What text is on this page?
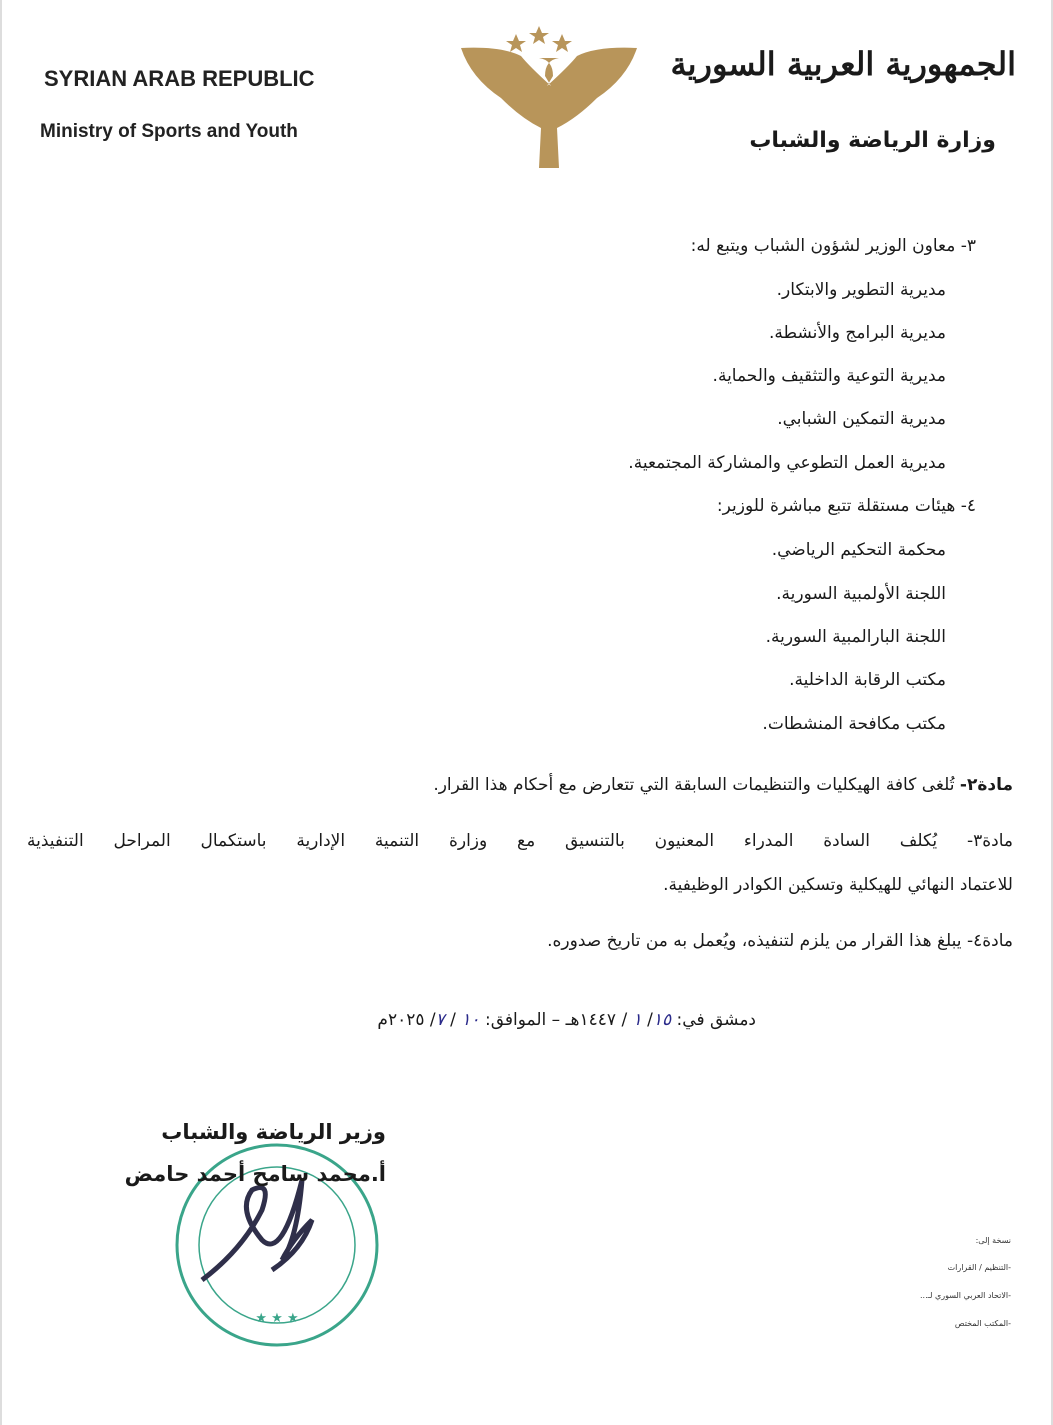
SYRIAN ARAB REPUBLIC
Ministry of Sports and Youth
الجمهورية العربية السورية
وزارة الرياضة والشباب
٣- معاون الوزير لشؤون الشباب ويتبع له:
مديرية التطوير والابتكار.
مديرية البرامج والأنشطة.
مديرية التوعية والتثقيف والحماية.
مديرية التمكين الشبابي.
مديرية العمل التطوعي والمشاركة المجتمعية.
٤- هيئات مستقلة تتبع مباشرة للوزير:
محكمة التحكيم الرياضي.
اللجنة الأولمبية السورية.
اللجنة البارالمبية السورية.
مكتب الرقابة الداخلية.
مكتب مكافحة المنشطات.
مادة٢- تُلغى كافة الهيكليات والتنظيمات السابقة التي تتعارض مع أحكام هذا القرار.
مادة٣- يُكلف السادة المدراء المعنيون بالتنسيق مع وزارة التنمية الإدارية باستكمال المراحل التنفيذية
للاعتماد النهائي للهيكلية وتسكين الكوادر الوظيفية.
مادة٤- يبلغ هذا القرار من يلزم لتنفيذه، ويُعمل به من تاريخ صدوره.
دمشق في: ١٥/ ١ / ١٤٤٧هـ – الموافق: ١٠ / ٧/ ٢٠٢٥م
★ ★ ★
وزير الرياضة والشباب
أ.محمد سامح أحمد حامض
نسخة إلى:
-التنظيم / القرارات
-الاتحاد العربي السوري لـ...
-المكتب المختص
